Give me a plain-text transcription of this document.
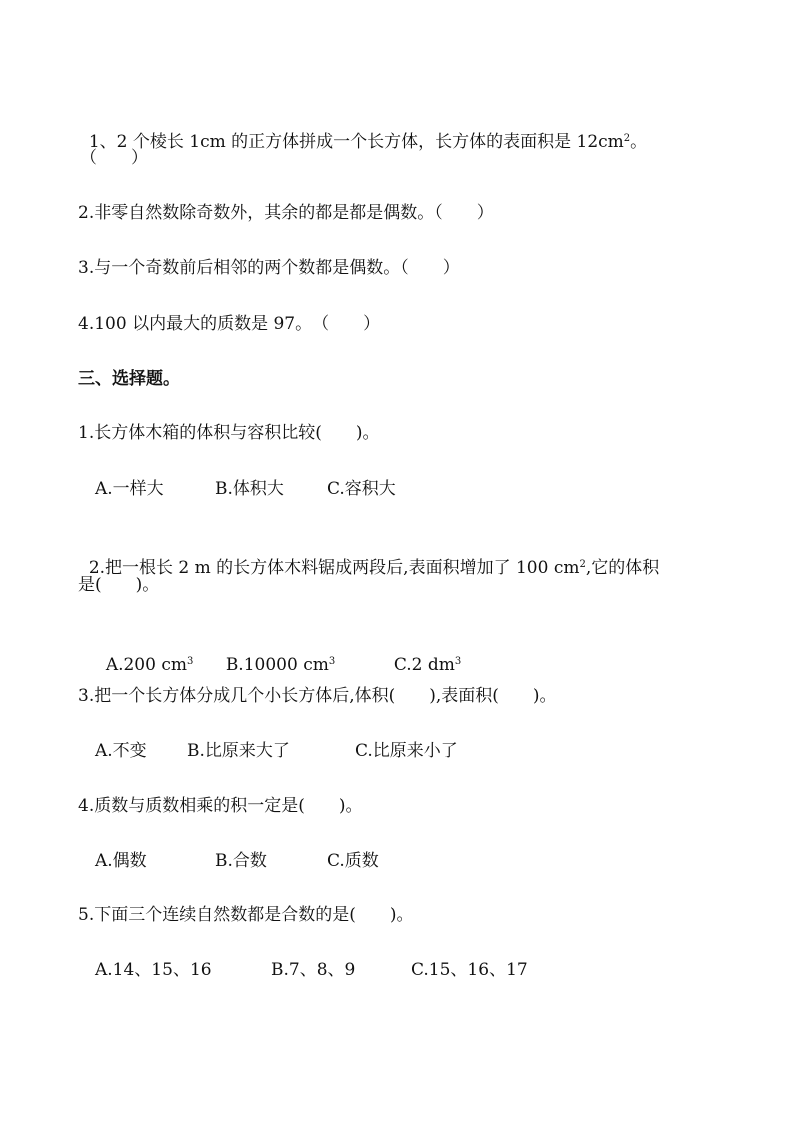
1、2 个棱长 1cm 的正方体拼成一个长方体，长方体的表面积是 $12cm^2$。

（　　）
2.非零自然数除奇数外，其余的都是都是偶数。（　　）
3.与一个奇数前后相邻的两个数都是偶数。（　　）
4.100 以内最大的质数是 97。　（　　）
三、选择题。
1.长方体木箱的体积与容积比较(　　)。
A.一样大	B.体积大	C.容积大

2.把一根长 2 m 的长方体木料锯成两段后,表面积增加了 100 $cm^2$,它的体积

是(　　)。

A.200 $cm^3$	B.10000 $cm^3$	C.2 $dm^3$

3.把一个长方体分成几个小长方体后,体积(　　),表面积(　　)。
A.不变 B.比原来大了	C.比原来小了
4.质数与质数相乘的积一定是(　　)。
A.偶数	B.合数	C.质数
5.下面三个连续自然数都是合数的是(　　)。
A.14、15、16	B.7、8、9	C.15、16、17
